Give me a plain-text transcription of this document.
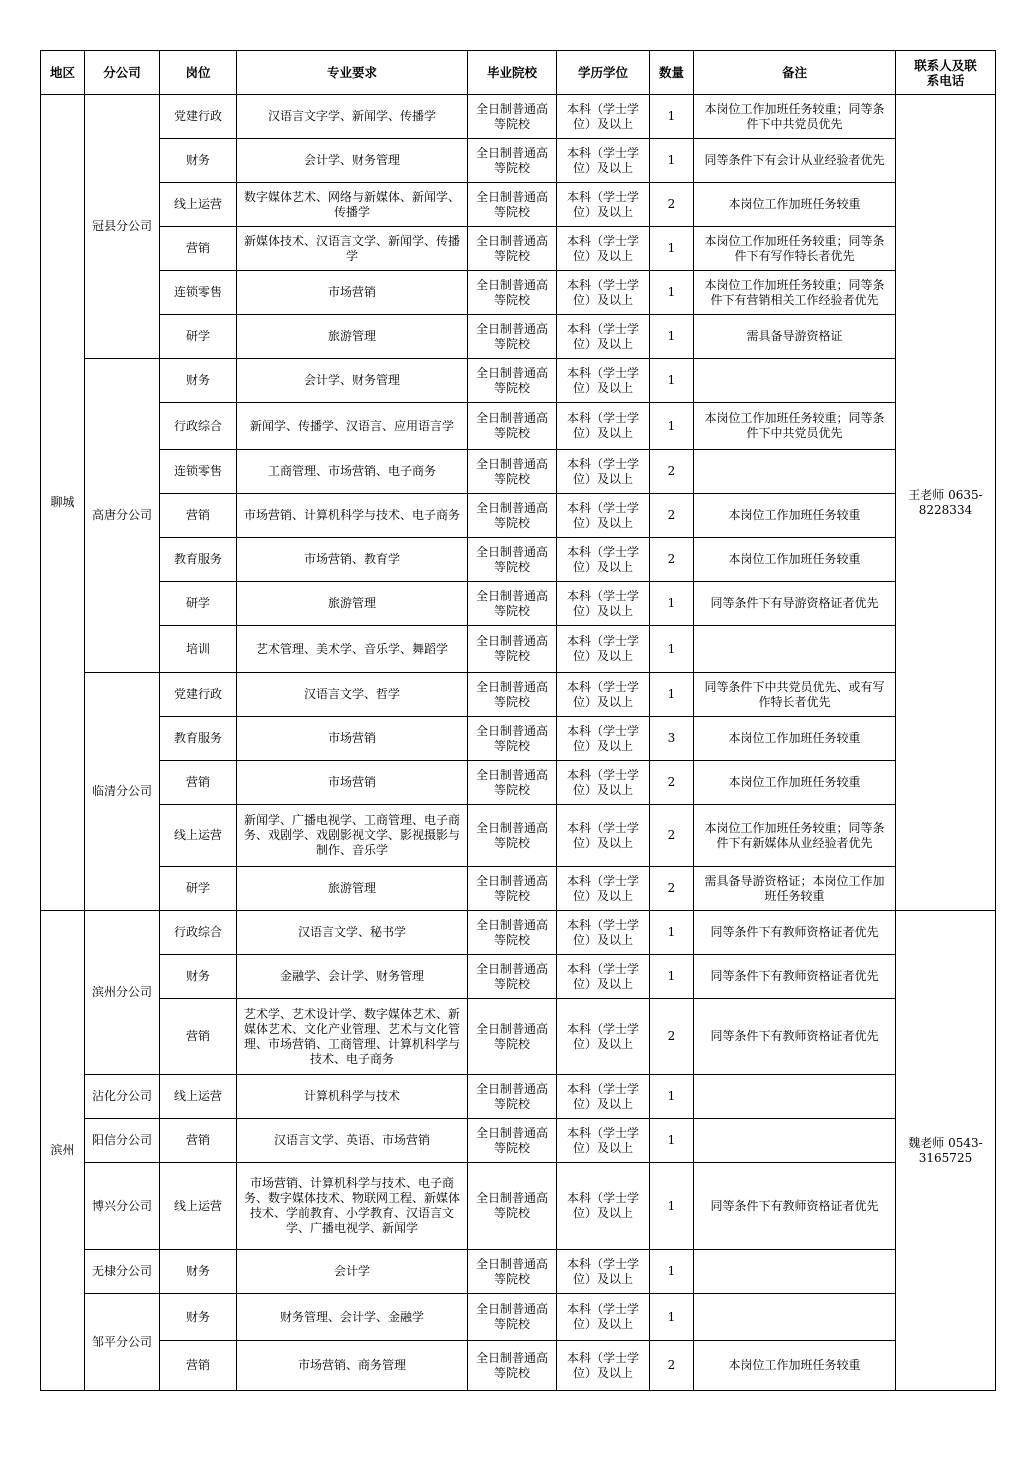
地区	分公司	岗位	专业要求	毕业院校	学历学位	数量	备注	联系人及联系电话
聊城	冠县分公司	党建行政	汉语言文字学、新闻学、传播学	全日制普通高等院校	本科（学士学位）及以上	1	本岗位工作加班任务较重；同等条件下中共党员优先	王老师 0635-8228334
		财务	会计学、财务管理	全日制普通高等院校	本科（学士学位）及以上	1	同等条件下有会计从业经验者优先	
		线上运营	数字媒体艺术、网络与新媒体、新闻学、传播学	全日制普通高等院校	本科（学士学位）及以上	2	本岗位工作加班任务较重	
		营销	新媒体技术、汉语言文学、新闻学、传播学	全日制普通高等院校	本科（学士学位）及以上	1	本岗位工作加班任务较重；同等条件下有写作特长者优先	
		连锁零售	市场营销	全日制普通高等院校	本科（学士学位）及以上	1	本岗位工作加班任务较重；同等条件下有营销相关工作经验者优先	
		研学	旅游管理	全日制普通高等院校	本科（学士学位）及以上	1	需具备导游资格证	
	高唐分公司	财务	会计学、财务管理	全日制普通高等院校	本科（学士学位）及以上	1		
		行政综合	新闻学、传播学、汉语言、应用语言学	全日制普通高等院校	本科（学士学位）及以上	1	本岗位工作加班任务较重；同等条件下中共党员优先	
		连锁零售	工商管理、市场营销、电子商务	全日制普通高等院校	本科（学士学位）及以上	2		
		营销	市场营销、计算机科学与技术、电子商务	全日制普通高等院校	本科（学士学位）及以上	2	本岗位工作加班任务较重	
		教育服务	市场营销、教育学	全日制普通高等院校	本科（学士学位）及以上	2	本岗位工作加班任务较重	
		研学	旅游管理	全日制普通高等院校	本科（学士学位）及以上	1	同等条件下有导游资格证者优先	
		培训	艺术管理、美术学、音乐学、舞蹈学	全日制普通高等院校	本科（学士学位）及以上	1		
	临清分公司	党建行政	汉语言文学、哲学	全日制普通高等院校	本科（学士学位）及以上	1	同等条件下中共党员优先、或有写作特长者优先	
		教育服务	市场营销	全日制普通高等院校	本科（学士学位）及以上	3	本岗位工作加班任务较重	
		营销	市场营销	全日制普通高等院校	本科（学士学位）及以上	2	本岗位工作加班任务较重	
		线上运营	新闻学、广播电视学、工商管理、电子商务、戏剧学、戏剧影视文学、影视摄影与制作、音乐学	全日制普通高等院校	本科（学士学位）及以上	2	本岗位工作加班任务较重；同等条件下有新媒体从业经验者优先	
		研学	旅游管理	全日制普通高等院校	本科（学士学位）及以上	2	需具备导游资格证；本岗位工作加班任务较重	
滨州	滨州分公司	行政综合	汉语言文学、秘书学	全日制普通高等院校	本科（学士学位）及以上	1	同等条件下有教师资格证者优先	魏老师 0543-3165725
		财务	金融学、会计学、财务管理	全日制普通高等院校	本科（学士学位）及以上	1	同等条件下有教师资格证者优先	
		营销	艺术学、艺术设计学、数字媒体艺术、新媒体艺术、文化产业管理、艺术与文化管理、市场营销、工商管理、计算机科学与技术、电子商务	全日制普通高等院校	本科（学士学位）及以上	2	同等条件下有教师资格证者优先	
	沾化分公司	线上运营	计算机科学与技术	全日制普通高等院校	本科（学士学位）及以上	1		
	阳信分公司	营销	汉语言文学、英语、市场营销	全日制普通高等院校	本科（学士学位）及以上	1		
	博兴分公司	线上运营	市场营销、计算机科学与技术、电子商务、数字媒体技术、物联网工程、新媒体技术、学前教育、小学教育、汉语言文学、广播电视学、新闻学	全日制普通高等院校	本科（学士学位）及以上	1	同等条件下有教师资格证者优先	
	无棣分公司	财务	会计学	全日制普通高等院校	本科（学士学位）及以上	1		
	邹平分公司	财务	财务管理、会计学、金融学	全日制普通高等院校	本科（学士学位）及以上	1		
		营销	市场营销、商务管理	全日制普通高等院校	本科（学士学位）及以上	2	本岗位工作加班任务较重	
